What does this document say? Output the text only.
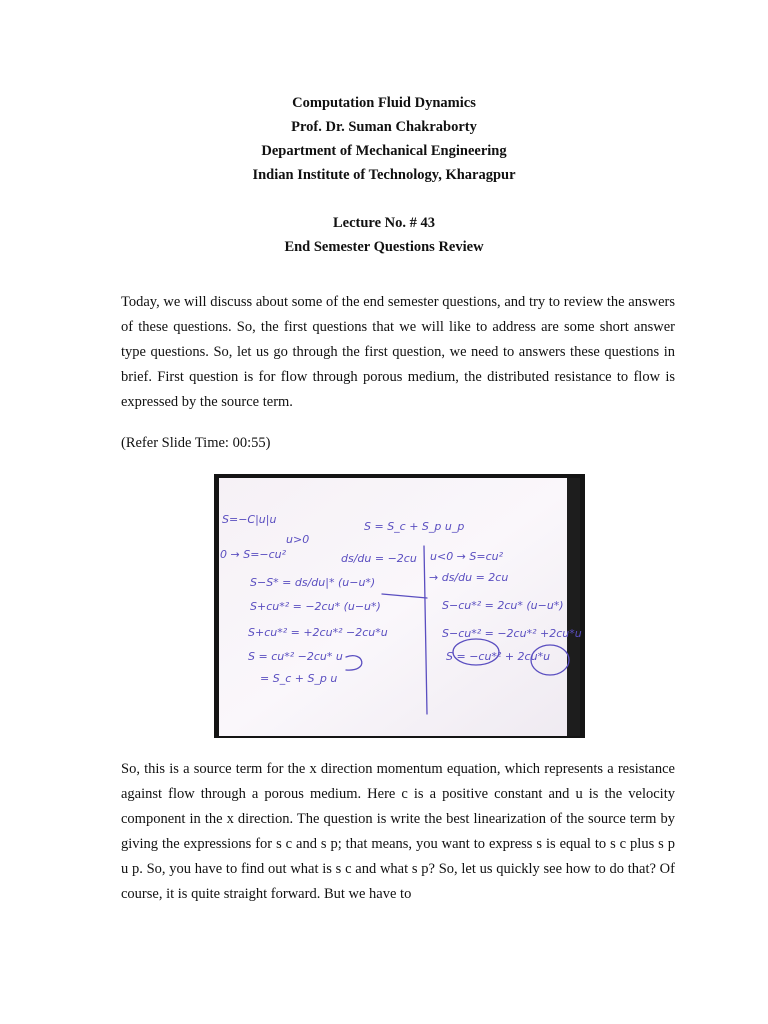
Computation Fluid Dynamics
Prof. Dr. Suman Chakraborty
Department of Mechanical Engineering
Indian Institute of Technology, Kharagpur
Lecture No. # 43
End Semester Questions Review
Today, we will discuss about some of the end semester questions, and try to review the answers of these questions. So, the first questions that we will like to address are some short answer type questions. So, let us go through the first question, we need to answers these questions in brief. First question is for flow through porous medium, the distributed resistance to flow is expressed by the source term.
(Refer Slide Time: 00:55)
S=−C|u|u
S = S_c + S_p u_p
u>0
0 → S=−cu²	ds/du = −2cu u<0 → S=cu²
→ ds/du = 2cu
S−S* = ds/du|* (u−u*)
S+cu*² = −2cu* (u−u*)	S−cu*² = 2cu* (u−u*)
S+cu*² = +2cu*² −2cu*u	S−cu*² = −2cu*² +2cu*u
S = cu*² −2cu* u	S = −cu*² + 2cu*u
= S_c + S_p u
So, this is a source term for the x direction momentum equation, which represents a resistance against flow through a porous medium. Here c is a positive constant and u is the velocity component in the x direction. The question is write the best linearization of the source term by giving the expressions for s c and s p; that means, you want to express s is equal to s c plus s p u p. So, you have to find out what is s c and what s p? So, let us quickly see how to do that? Of course, it is quite straight forward. But we have to
